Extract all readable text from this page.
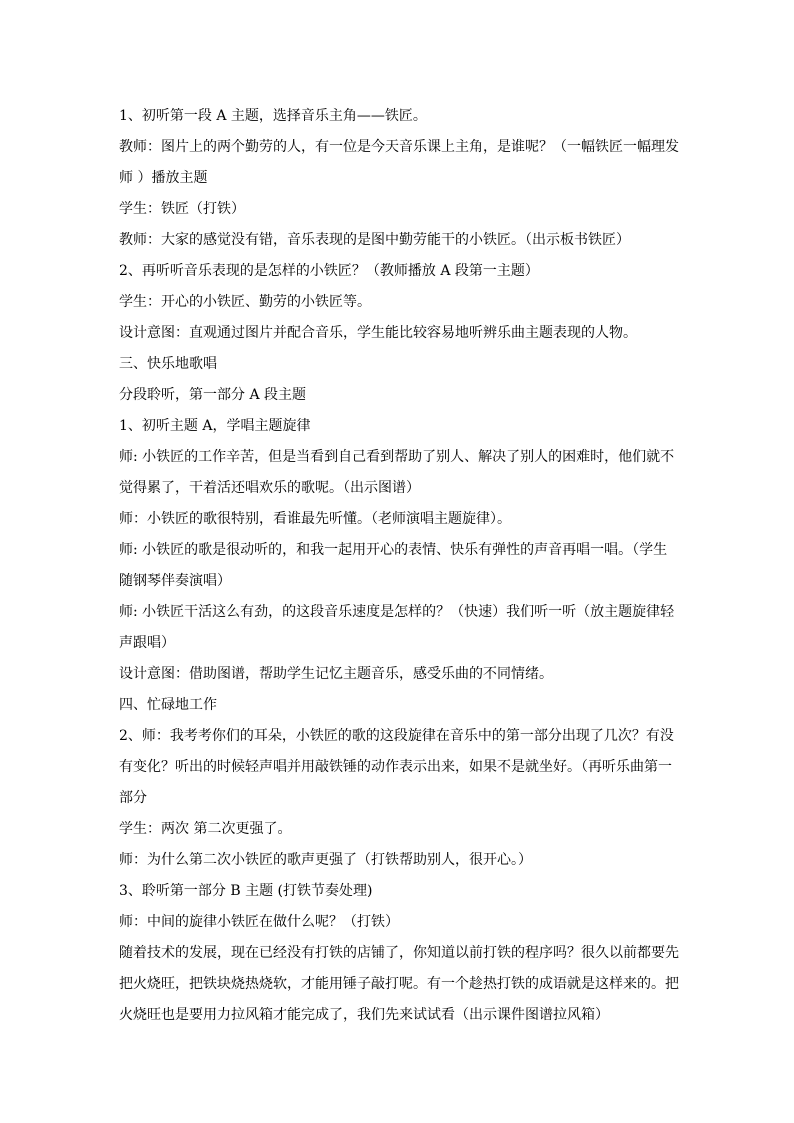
1、初听第一段 A 主题，选择音乐主角——铁匠。

教师：图片上的两个勤劳的人，有一位是今天音乐课上主角，是谁呢？（一幅铁匠一幅理发师 ）播放主题

学生：铁匠（打铁）

教师：大家的感觉没有错，音乐表现的是图中勤劳能干的小铁匠。（出示板书铁匠）

2、再听听音乐表现的是怎样的小铁匠？（教师播放 A 段第一主题）

学生：开心的小铁匠、勤劳的小铁匠等。

设计意图：直观通过图片并配合音乐，学生能比较容易地听辨乐曲主题表现的人物。

三、快乐地歌唱

分段聆听，第一部分 A 段主题

1、初听主题 A，学唱主题旋律

师: 小铁匠的工作辛苦，但是当看到自己看到帮助了别人、解决了别人的困难时，他们就不觉得累了，干着活还唱欢乐的歌呢。（出示图谱）

师：小铁匠的歌很特别，看谁最先听懂。（老师演唱主题旋律）。

师: 小铁匠的歌是很动听的，和我一起用开心的表情、快乐有弹性的声音再唱一唱。（学生随钢琴伴奏演唱）

师: 小铁匠干活这么有劲，的这段音乐速度是怎样的？（快速）我们听一听（放主题旋律轻声跟唱）

设计意图：借助图谱，帮助学生记忆主题音乐，感受乐曲的不同情绪。

四、忙碌地工作

2、师：我考考你们的耳朵，小铁匠的歌的这段旋律在音乐中的第一部分出现了几次？有没有变化？听出的时候轻声唱并用敲铁锤的动作表示出来，如果不是就坐好。（再听乐曲第一部分

学生：两次 第二次更强了。

师：为什么第二次小铁匠的歌声更强了（打铁帮助别人，很开心。）

3、聆听第一部分 B 主题 (打铁节奏处理)

师：中间的旋律小铁匠在做什么呢？（打铁）

随着技术的发展，现在已经没有打铁的店铺了，你知道以前打铁的程序吗？很久以前都要先把火烧旺，把铁块烧热烧软，才能用锤子敲打呢。有一个趁热打铁的成语就是这样来的。把火烧旺也是要用力拉风箱才能完成了，我们先来试试看（出示课件图谱拉风箱）
